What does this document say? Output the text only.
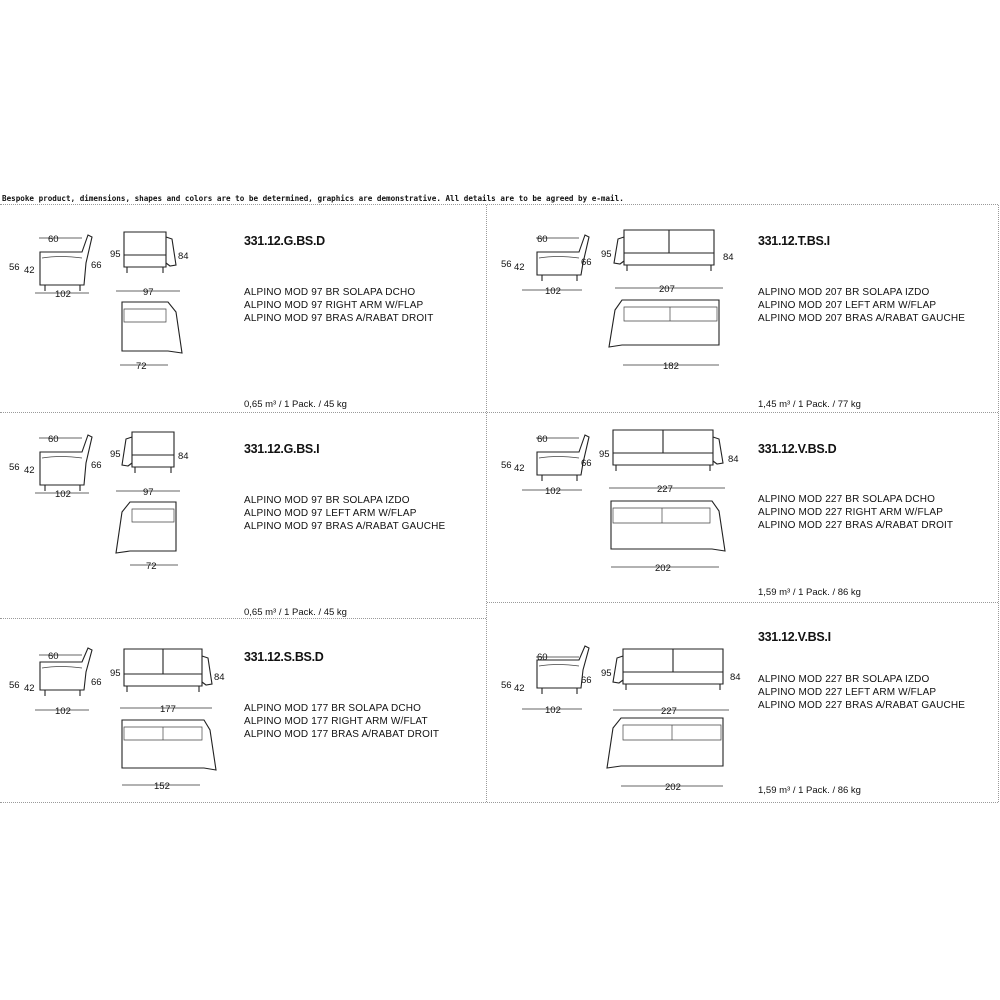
Bespoke product, dimensions, shapes and colors are to be determined, graphics are demonstrative. All details are to be agreed by e-mail.
60
56 42	66
102
95	84
97
72
331.12.G.BS.D
ALPINO MOD 97 BR SOLAPA DCHO
ALPINO MOD 97 RIGHT ARM W/FLAP
ALPINO MOD 97 BRAS A/RABAT DROIT
0,65 m³ / 1 Pack. / 45 kg
60
56 42	66
102
95	84
97
72
331.12.G.BS.I
ALPINO MOD 97 BR SOLAPA IZDO
ALPINO MOD 97 LEFT ARM W/FLAP
ALPINO MOD 97 BRAS A/RABAT GAUCHE
0,65 m³ / 1 Pack. / 45 kg
60
56 42
66
102
95	84
177
152
331.12.S.BS.D
ALPINO MOD 177 BR SOLAPA DCHO
ALPINO MOD 177 RIGHT ARM W/FLAT
ALPINO MOD 177 BRAS A/RABAT DROIT
60
56 42	66
102
95	84
207
182
331.12.T.BS.I
ALPINO MOD 207 BR SOLAPA IZDO
ALPINO MOD 207 LEFT ARM W/FLAP
ALPINO MOD 207 BRAS A/RABAT GAUCHE
1,45 m³ / 1 Pack. / 77 kg
60
56 42	66
102
95	84
227
202
331.12.V.BS.D
ALPINO MOD 227 BR SOLAPA DCHO
ALPINO MOD 227 RIGHT ARM W/FLAP
ALPINO MOD 227 BRAS A/RABAT DROIT
1,59 m³ / 1 Pack. / 86 kg
60
56 42
66
102
95	84
227
202
331.12.V.BS.I
ALPINO MOD 227 BR SOLAPA IZDO
ALPINO MOD 227 LEFT ARM W/FLAP
ALPINO MOD 227 BRAS A/RABAT GAUCHE
1,59 m³ / 1 Pack. / 86 kg
